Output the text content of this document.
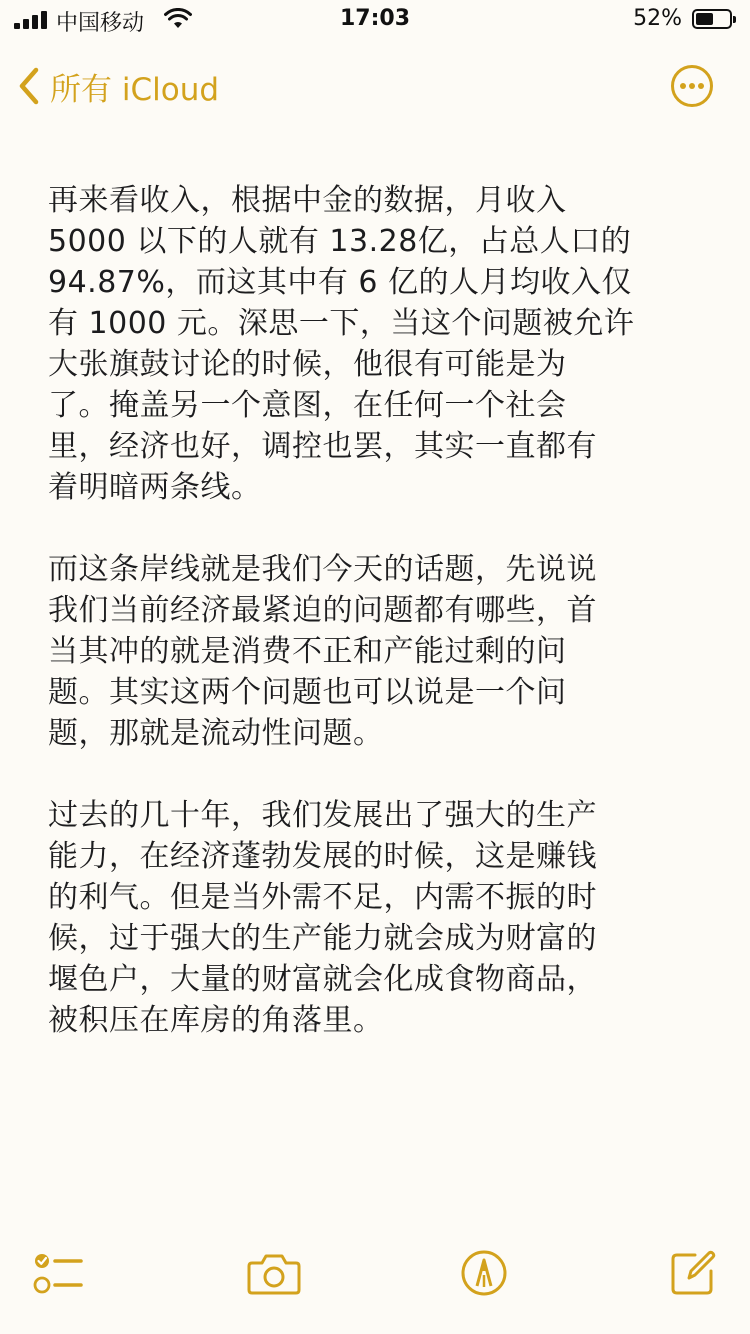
中国移动	17:03	52%
所有 iCloud

再来看收入，根据中金的数据，月收入
5000 以下的人就有 13.28亿，占总人口的
94.87%，而这其中有 6 亿的人月均收入仅
有 1000 元。深思一下，当这个问题被允许
大张旗鼓讨论的时候，他很有可能是为
了。掩盖另一个意图，在任何一个社会
里，经济也好，调控也罢，其实一直都有
着明暗两条线。

而这条岸线就是我们今天的话题，先说说
我们当前经济最紧迫的问题都有哪些，首
当其冲的就是消费不正和产能过剩的问
题。其实这两个问题也可以说是一个问
题，那就是流动性问题。

过去的几十年，我们发展出了强大的生产
能力，在经济蓬勃发展的时候，这是赚钱
的利气。但是当外需不足，内需不振的时
候，过于强大的生产能力就会成为财富的
堰色户，大量的财富就会化成食物商品，
被积压在库房的角落里。
